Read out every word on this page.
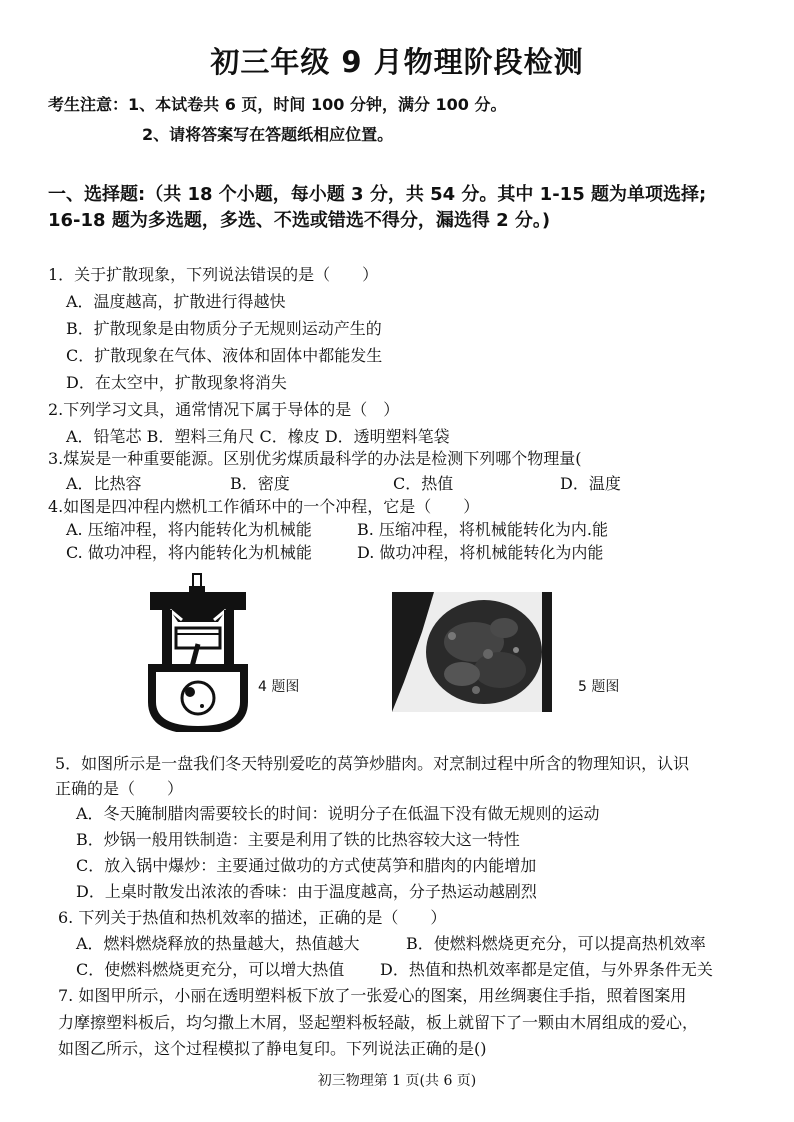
初三年级 9 月物理阶段检测
考生注意：1、本试卷共 6 页，时间 100 分钟，满分 100 分。
2、请将答案写在答题纸相应位置。
一、选择题:（共 18 个小题，每小题 3 分，共 54 分。其中 1-15 题为单项选择;
16-18 题为多选题，多选、不选或错选不得分，漏选得 2 分。)
1．关于扩散现象，下列说法错误的是（　　）
A．温度越高，扩散进行得越快
B．扩散现象是由物质分子无规则运动产生的
C．扩散现象在气体、液体和固体中都能发生
D．在太空中，扩散现象将消失
2.下列学习文具，通常情况下属于导体的是（　）
A．铅笔芯 B．塑料三角尺 C．橡皮 D．透明塑料笔袋
3.煤炭是一种重要能源。区别优劣煤质最科学的办法是检测下列哪个物理量(
A．比热容	B．密度	C．热值	D．温度
4.如图是四冲程内燃机工作循环中的一个冲程，它是（　　）
A. 压缩冲程，将内能转化为机械能	B. 压缩冲程，将机械能转化为内.能
C. 做功冲程，将内能转化为机械能	D. 做功冲程，将机械能转化为内能
4 题图	5 题图
5．如图所示是一盘我们冬天特别爱吃的莴笋炒腊肉。对烹制过程中所含的物理知识，认识
正确的是（　　）
A．冬天腌制腊肉需要较长的时间：说明分子在低温下没有做无规则的运动
B．炒锅一般用铁制造：主要是利用了铁的比热容较大这一特性
C．放入锅中爆炒：主要通过做功的方式使莴笋和腊肉的内能增加
D．上桌时散发出浓浓的香味：由于温度越高，分子热运动越剧烈
6. 下列关于热值和热机效率的描述，正确的是（　　）
A．燃料燃烧释放的热量越大，热值越大	B．使燃料燃烧更充分，可以提高热机效率
C．使燃料燃烧更充分，可以增大热值 D．热值和热机效率都是定值，与外界条件无关
7. 如图甲所示，小丽在透明塑料板下放了一张爱心的图案，用丝绸裹住手指，照着图案用
力摩擦塑料板后，均匀撒上木屑，竖起塑料板轻敲，板上就留下了一颗由木屑组成的爱心，
如图乙所示，这个过程模拟了静电复印。下列说法正确的是()
初三物理第 1 页(共 6 页)
